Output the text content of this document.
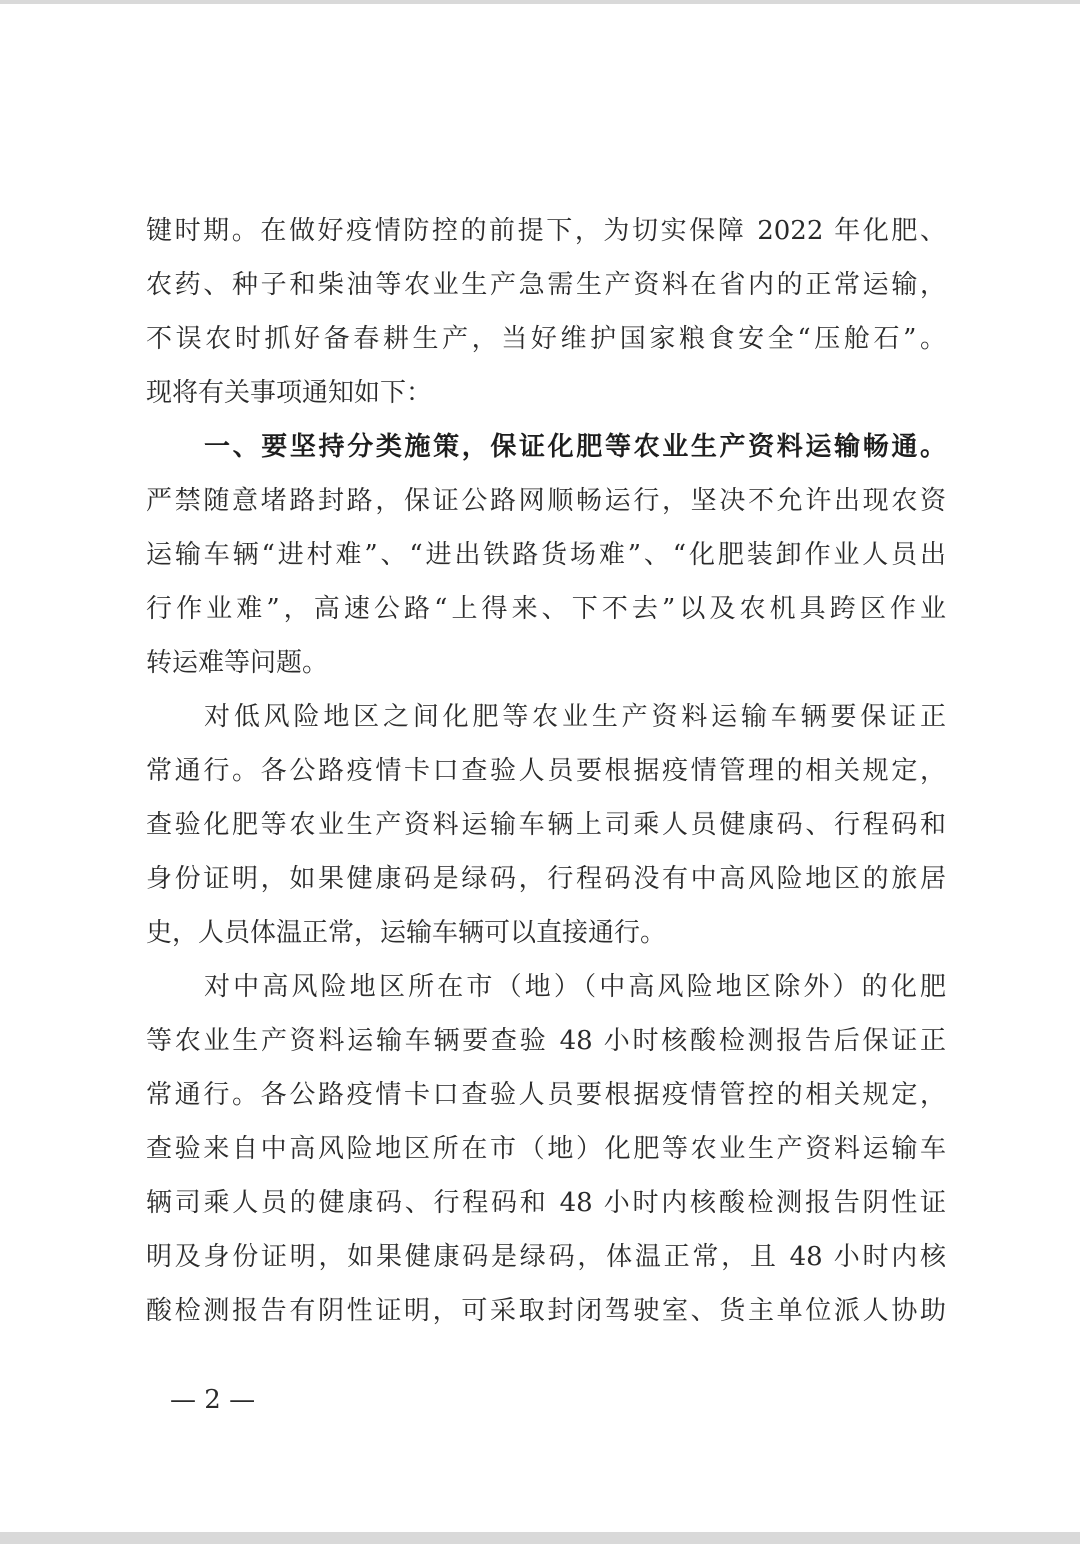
键时期。在做好疫情防控的前提下，为切实保障 2022 年化肥、
农药、种子和柴油等农业生产急需生产资料在省内的正常运输，
不误农时抓好备春耕生产，当好维护国家粮食安全“压舱石”。
现将有关事项通知如下：
一、要坚持分类施策，保证化肥等农业生产资料运输畅通。
严禁随意堵路封路，保证公路网顺畅运行，坚决不允许出现农资
运输车辆“进村难”、“进出铁路货场难”、“化肥装卸作业人员出
行作业难”，高速公路“上得来、下不去”以及农机具跨区作业
转运难等问题。
对低风险地区之间化肥等农业生产资料运输车辆要保证正
常通行。各公路疫情卡口查验人员要根据疫情管理的相关规定，
查验化肥等农业生产资料运输车辆上司乘人员健康码、行程码和
身份证明，如果健康码是绿码，行程码没有中高风险地区的旅居
史，人员体温正常，运输车辆可以直接通行。
对中高风险地区所在市（地）（中高风险地区除外）的化肥
等农业生产资料运输车辆要查验 48 小时核酸检测报告后保证正
常通行。各公路疫情卡口查验人员要根据疫情管控的相关规定，
查验来自中高风险地区所在市（地）化肥等农业生产资料运输车
辆司乘人员的健康码、行程码和 48 小时内核酸检测报告阴性证
明及身份证明，如果健康码是绿码，体温正常，且 48 小时内核
酸检测报告有阴性证明，可采取封闭驾驶室、货主单位派人协助
— 2 —
